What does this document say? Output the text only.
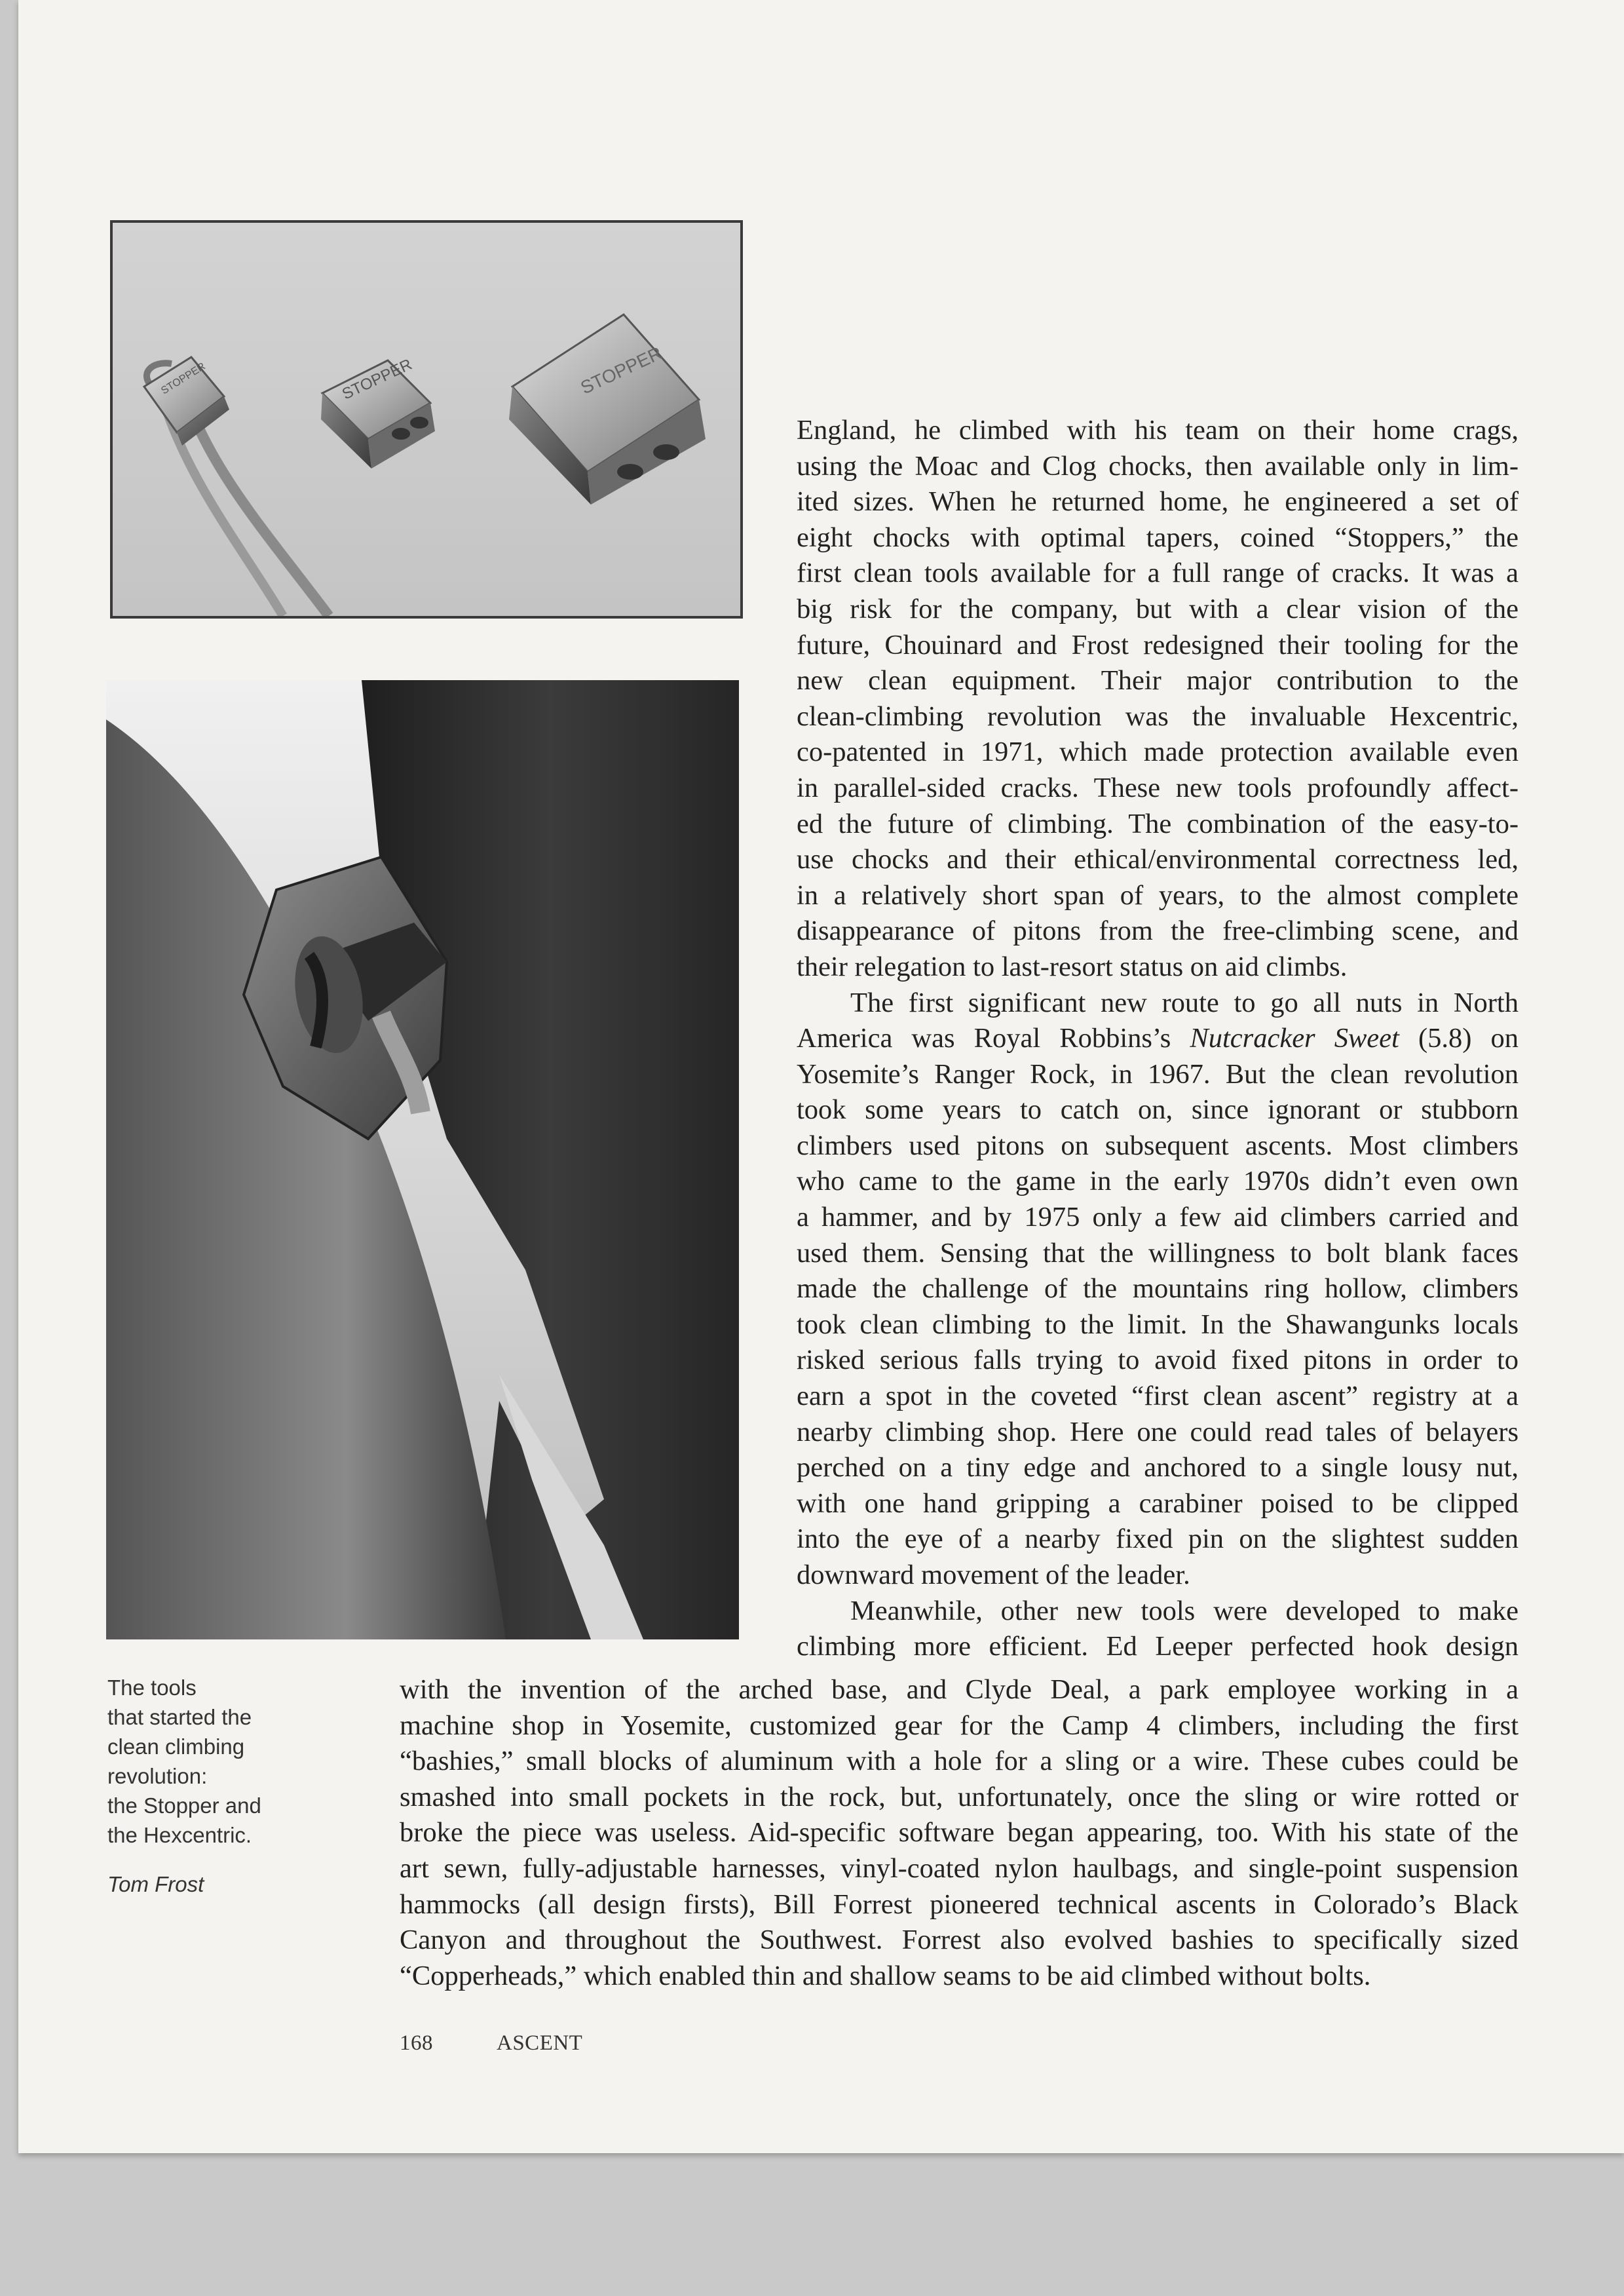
STOPPER	STOPPER	STOPPER
England, he climbed with his team on their home crags,
using the Moac and Clog chocks, then available only in lim-
ited sizes. When he returned home, he engineered a set of
eight chocks with optimal tapers, coined “Stoppers,” the
first clean tools available for a full range of cracks. It was a
big risk for the company, but with a clear vision of the
future, Chouinard and Frost redesigned their tooling for the
new clean equipment. Their major contribution to the
clean-climbing revolution was the invaluable Hexcentric,
co-patented in 1971, which made protection available even
in parallel-sided cracks. These new tools profoundly affect-
ed the future of climbing. The combination of the easy-to-
use chocks and their ethical/environmental correctness led,
in a relatively short span of years, to the almost complete
disappearance of pitons from the free-climbing scene, and
their relegation to last-resort status on aid climbs.
The first significant new route to go all nuts in North
America was Royal Robbins’s Nutcracker Sweet (5.8) on
Yosemite’s Ranger Rock, in 1967. But the clean revolution
took some years to catch on, since ignorant or stubborn
climbers used pitons on subsequent ascents. Most climbers
who came to the game in the early 1970s didn’t even own
a hammer, and by 1975 only a few aid climbers carried and
used them. Sensing that the willingness to bolt blank faces
made the challenge of the mountains ring hollow, climbers
took clean climbing to the limit. In the Shawangunks locals
risked serious falls trying to avoid fixed pitons in order to
earn a spot in the coveted “first clean ascent” registry at a
nearby climbing shop. Here one could read tales of belayers
perched on a tiny edge and anchored to a single lousy nut,
with one hand gripping a carabiner poised to be clipped
into the eye of a nearby fixed pin on the slightest sudden
downward movement of the leader.
Meanwhile, other new tools were developed to make
climbing more efficient. Ed Leeper perfected hook design
with the invention of the arched base, and Clyde Deal, a park employee working in a
machine shop in Yosemite, customized gear for the Camp 4 climbers, including the first
“bashies,” small blocks of aluminum with a hole for a sling or a wire. These cubes could be
smashed into small pockets in the rock, but, unfortunately, once the sling or wire rotted or
broke the piece was useless. Aid-specific software began appearing, too. With his state of the
art sewn, fully-adjustable harnesses, vinyl-coated nylon haulbags, and single-point suspension
hammocks (all design firsts), Bill Forrest pioneered technical ascents in Colorado’s Black
Canyon and throughout the Southwest. Forrest also evolved bashies to specifically sized
“Copperheads,” which enabled thin and shallow seams to be aid climbed without bolts.
The tools
that started the
clean climbing
revolution:
the Stopper and
the Hexcentric.
Tom Frost
168	ASCENT
